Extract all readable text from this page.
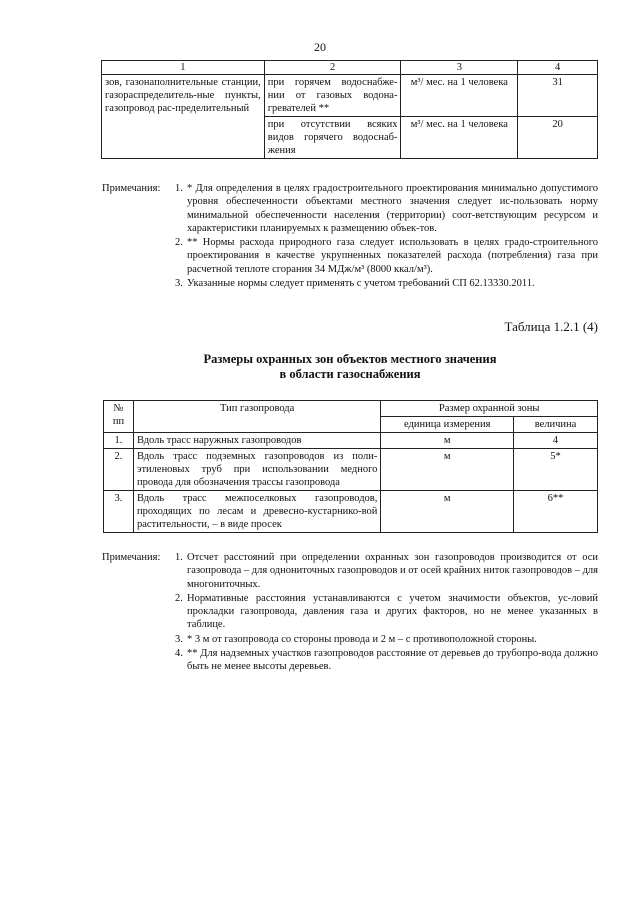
20
1	2	3	4
зов, газонаполнительные станции, газораспределитель-ные пункты, газопровод рас-пределительный	при горячем водоснабже-нии от газовых водона-гревателей **	м³/ мес. на 1 человека	31
	при отсутствии всяких видов горячего водоснаб-жения	м³/ мес. на 1 человека	20
Примечания:	1. * Для определения в целях градостроительного проектирования минимально допустимого уровня обеспеченности объектами местного значения следует ис-пользовать норму минимальной обеспеченности населения (территории) соот-ветствующим ресурсом и характеристики планируемых к размещению объек-тов.
2. ** Нормы расхода природного газа следует использовать в целях градо-строительного проектирования в качестве укрупненных показателей расхода (потребления) газа при расчетной теплоте сгорания 34 МДж/м³ (8000 ккал/м³).
3. Указанные нормы следует применять с учетом требований СП 62.13330.2011.
Таблица 1.2.1 (4)
Размеры охранных зон объектов местного значения
в области газоснабжения
№ пп	Тип газопровода	Размер охранной зоны	
		единица измерения	величина
1.	Вдоль трасс наружных газопроводов	м	4
2.	Вдоль трасс подземных газопроводов из поли-этиленовых труб при использовании медного провода для обозначения трассы газопровода	м	5*
3.	Вдоль трасс межпоселковых газопроводов, проходящих по лесам и древесно-кустарнико-вой растительности, – в виде просек	м	6**
Примечания:	1. Отсчет расстояний при определении охранных зон газопроводов производится от оси газопровода – для однониточных газопроводов и от осей крайних ниток газопроводов – для многониточных.
2. Нормативные расстояния устанавливаются с учетом значимости объектов, ус-ловий прокладки газопровода, давления газа и других факторов, но не менее указанных в таблице.
3. * 3 м от газопровода со стороны провода и 2 м – с противоположной стороны.
4. ** Для надземных участков газопроводов расстояние от деревьев до трубопро-вода должно быть не менее высоты деревьев.
